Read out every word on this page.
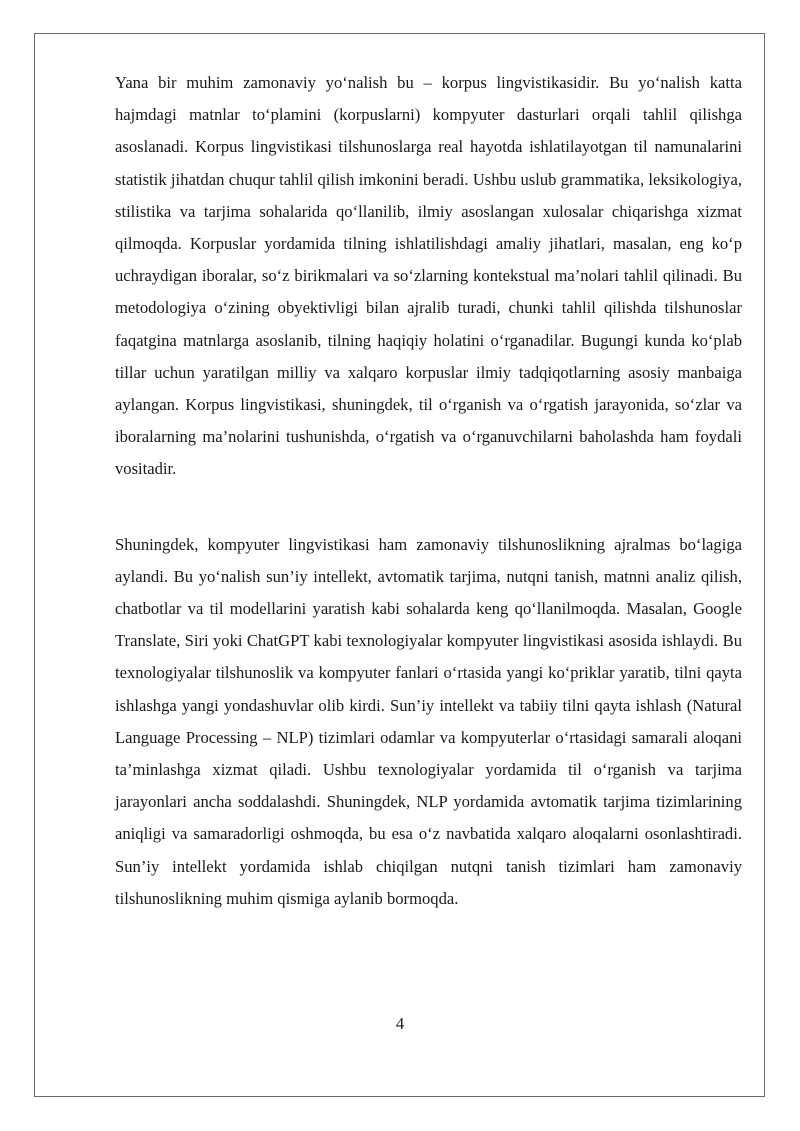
Yana bir muhim zamonaviy yo‘nalish bu – korpus lingvistikasidir. Bu yo‘nalish katta hajmdagi matnlar to‘plamini (korpuslarni) kompyuter dasturlari orqali tahlil qilishga asoslanadi. Korpus lingvistikasi tilshunoslarga real hayotda ishlatilayotgan til namunalarini statistik jihatdan chuqur tahlil qilish imkonini beradi. Ushbu uslub grammatika, leksikologiya, stilistika va tarjima sohalarida qo‘llanilib, ilmiy asoslangan xulosalar chiqarishga xizmat qilmoqda. Korpuslar yordamida tilning ishlatilishdagi amaliy jihatlari, masalan, eng ko‘p uchraydigan iboralar, so‘z birikmalari va so‘zlarning kontekstual ma’nolari tahlil qilinadi. Bu metodologiya o‘zining obyektivligi bilan ajralib turadi, chunki tahlil qilishda tilshunoslar faqatgina matnlarga asoslanib, tilning haqiqiy holatini o‘rganadilar. Bugungi kunda ko‘plab tillar uchun yaratilgan milliy va xalqaro korpuslar ilmiy tadqiqotlarning asosiy manbaiga aylangan. Korpus lingvistikasi, shuningdek, til o‘rganish va o‘rgatish jarayonida, so‘zlar va iboralarning ma’nolarini tushunishda, o‘rgatish va o‘rganuvchilarni baholashda ham foydali vositadir.

Shuningdek, kompyuter lingvistikasi ham zamonaviy tilshunoslikning ajralmas bo‘lagiga aylandi. Bu yo‘nalish sun’iy intellekt, avtomatik tarjima, nutqni tanish, matnni analiz qilish, chatbotlar va til modellarini yaratish kabi sohalarda keng qo‘llanilmoqda. Masalan, Google Translate, Siri yoki ChatGPT kabi texnologiyalar kompyuter lingvistikasi asosida ishlaydi. Bu texnologiyalar tilshunoslik va kompyuter fanlari o‘rtasida yangi ko‘priklar yaratib, tilni qayta ishlashga yangi yondashuvlar olib kirdi. Sun’iy intellekt va tabiiy tilni qayta ishlash (Natural Language Processing – NLP) tizimlari odamlar va kompyuterlar o‘rtasidagi samarali aloqani ta’minlashga xizmat qiladi. Ushbu texnologiyalar yordamida til o‘rganish va tarjima jarayonlari ancha soddalashdi. Shuningdek, NLP yordamida avtomatik tarjima tizimlarining aniqligi va samaradorligi oshmoqda, bu esa o‘z navbatida xalqaro aloqalarni osonlashtiradi. Sun’iy intellekt yordamida ishlab chiqilgan nutqni tanish tizimlari ham zamonaviy tilshunoslikning muhim qismiga aylanib bormoqda.

4
